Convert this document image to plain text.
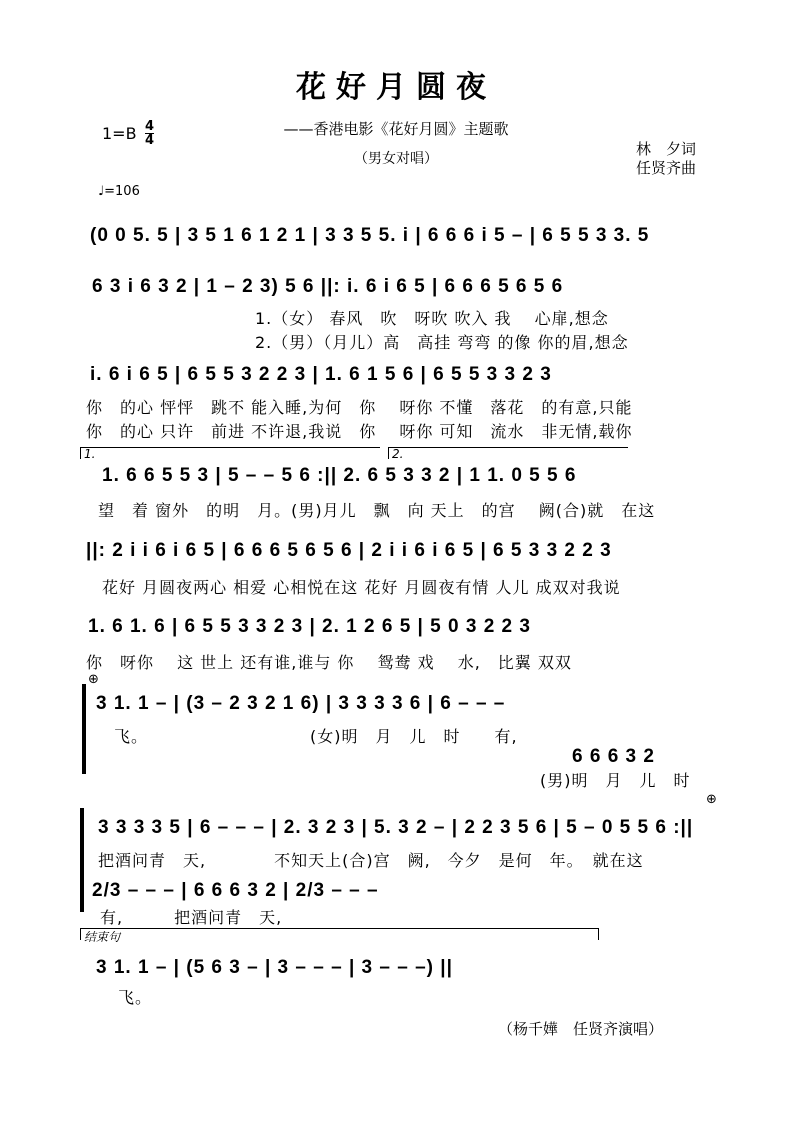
花好月圆夜
——香港电影《花好月圆》主题歌
（男女对唱）
1=B 4
4	林　夕词
任贤齐曲
♩=106
(0 0 5. 5 | 3 5 1 6 1 2 1 | 3 3 5 5. i | 6 6 6 i 5 – | 6 5 5 3 3. 5
6 3 i 6 3 2 | 1 – 2 3) 5 6 ||: i. 6 i 6 5 | 6 6 6 5 6 5 6
1.（女） 春风　吹　呀吹 吹入 我　 心扉,想念
2.（男）（月儿）高　高挂 弯弯 的像 你的眉,想念
i. 6 i 6 5 | 6 5 5 3 2 2 3 | 1. 6 1 5 6 | 6 5 5 3 3 2 3
你　的心 怦怦　跳不 能入睡,为何　你　 呀你 不懂　落花　的有意,只能
你　的心 只许　前进 不许退,我说　你　 呀你 可知　流水　非无情,载你
1.	2.
1. 6 6 5 5 3 | 5 – – 5 6 :|| 2. 6 5 3 3 2 | 1 1. 0 5 5 6
望　着 窗外　的明　月。(男)月儿　飘　向 天上　的宫　 阙(合)就　在这
||: 2 i i 6 i 6 5 | 6 6 6 5 6 5 6 | 2 i i 6 i 6 5 | 6 5 3 3 2 2 3
花好 月圆夜两心 相爱 心相悦在这 花好 月圆夜有情 人儿 成双对我说
1. 6 1. 6 | 6 5 5 3 3 2 3 | 2. 1 2 6 5 | 5 0 3 2 2 3
你　呀你　 这 世上 还有谁,谁与 你　 鸳鸯 戏　 水,　比翼 双双
⊕
3 1. 1 – | (3 – 2 3 2 1 6) | 3 3 3 3 6 | 6 – – –
飞。　　　　　　　　　　(女)明　月　儿　时　　有,
6 6 6 3 2
(男)明　月　儿　时
⊕
3 3 3 3 5 | 6 – – – | 2. 3 2 3 | 5. 3 2 – | 2 2 3 5 6 | 5 – 0 5 5 6 :||
把酒问青　天,　　　　不知天上(合)宫　阙,　今夕　是何　年。　就在这
2/3 – – – | 6 6 6 3 2 | 2/3 – – –
有,　　　把酒问青　天,
结束句
3 1. 1 – | (5 6 3 – | 3 – – – | 3 – – –) ||
飞。
（杨千嬅　任贤齐演唱）
